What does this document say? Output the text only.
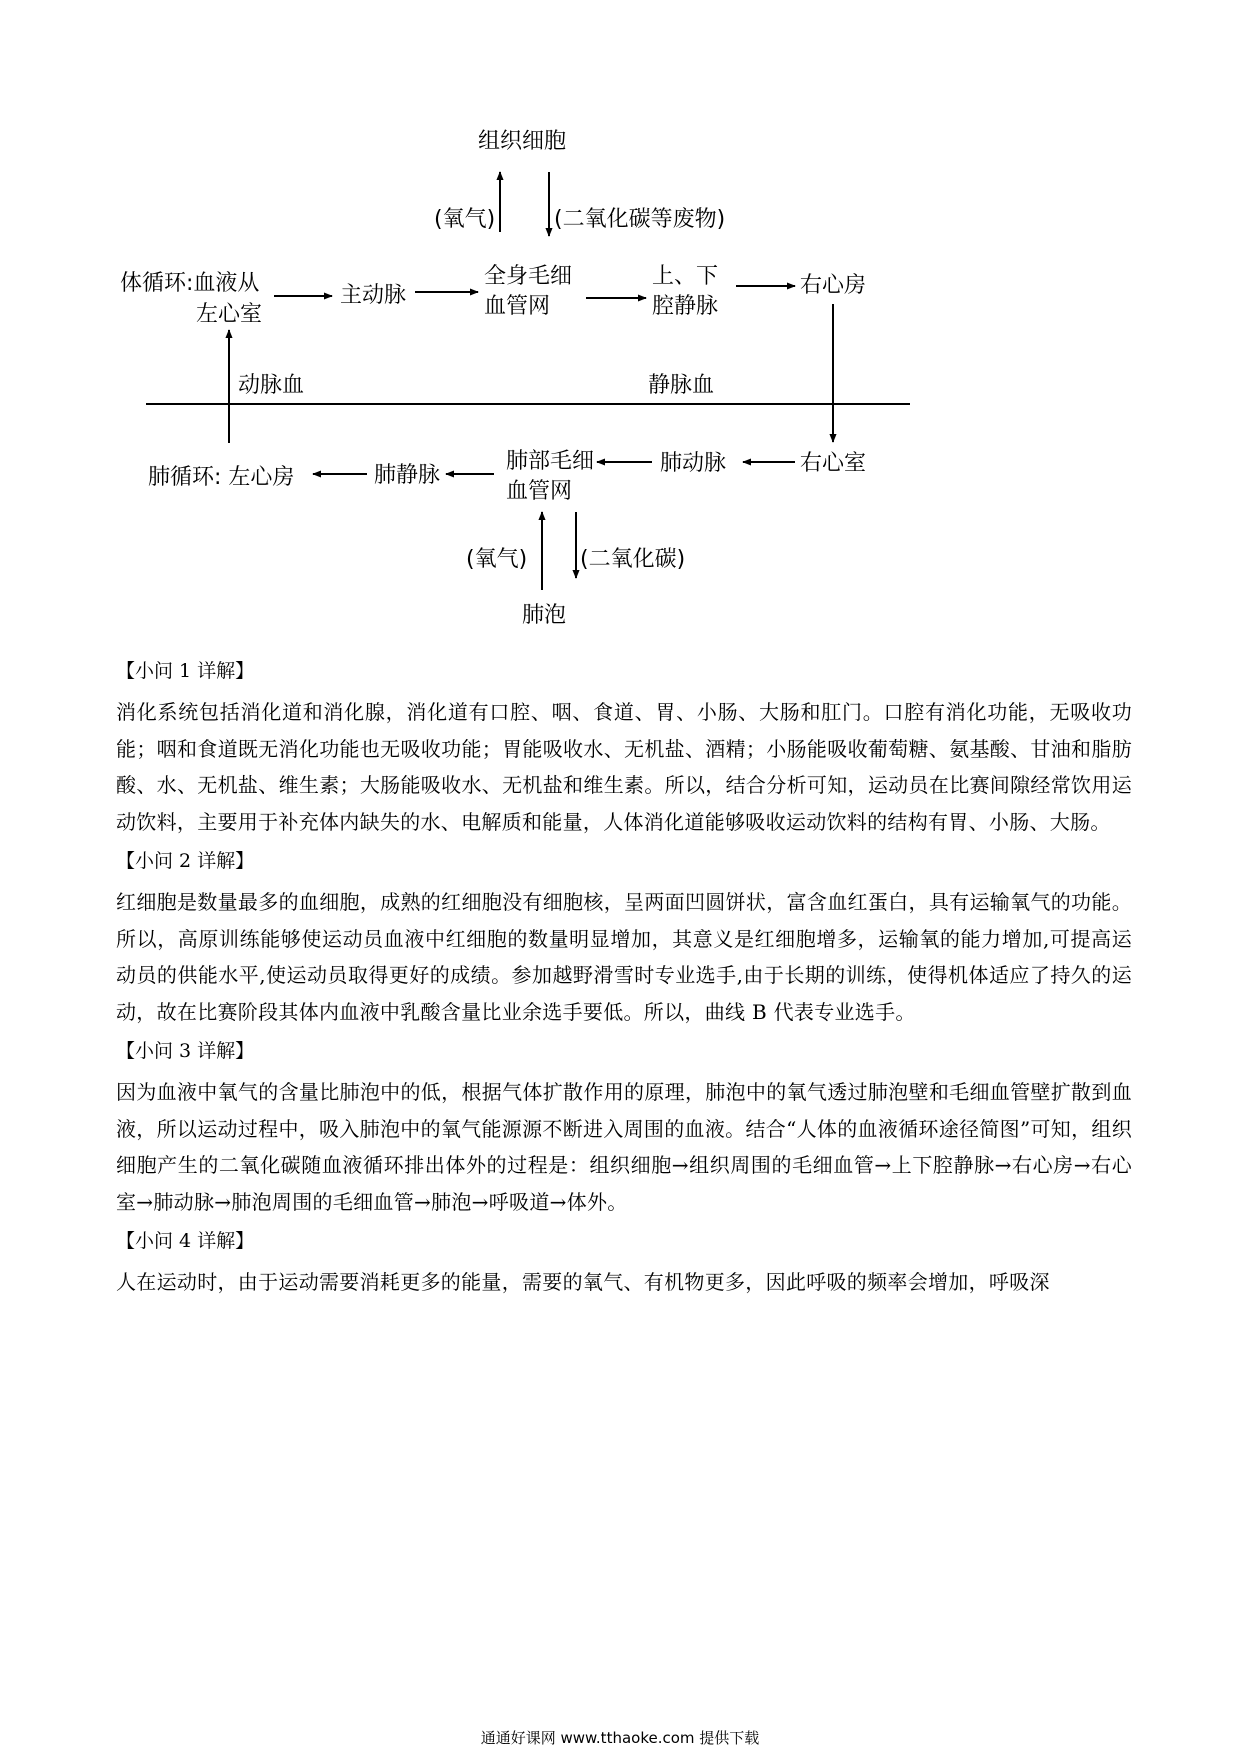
组织细胞
(氧气)	(二氧化碳等废物)
体循环:血液从
左心室
主动脉
全身毛细
血管网
上、下
腔静脉
右心房
动脉血	静脉血
右心室
肺动脉
肺部毛细
血管网
肺静脉
肺循环: 左心房
(氧气) (二氧化碳)
肺泡
【小问 1 详解】
消化系统包括消化道和消化腺，消化道有口腔、咽、食道、胃、小肠、大肠和肛门。口腔有消化功能，无吸收功能；咽和食道既无消化功能也无吸收功能；胃能吸收水、无机盐、酒精；小肠能吸收葡萄糖、氨基酸、甘油和脂肪酸、水、无机盐、维生素；大肠能吸收水、无机盐和维生素。所以，结合分析可知，运动员在比赛间隙经常饮用运动饮料，主要用于补充体内缺失的水、电解质和能量，人体消化道能够吸收运动饮料的结构有胃、小肠、大肠。
【小问 2 详解】
红细胞是数量最多的血细胞，成熟的红细胞没有细胞核，呈两面凹圆饼状，富含血红蛋白，具有运输氧气的功能。所以，高原训练能够使运动员血液中红细胞的数量明显增加，其意义是红细胞增多，运输氧的能力增加,可提高运动员的供能水平,使运动员取得更好的成绩。参加越野滑雪时专业选手,由于长期的训练，使得机体适应了持久的运动，故在比赛阶段其体内血液中乳酸含量比业余选手要低。所以，曲线 B 代表专业选手。
【小问 3 详解】
因为血液中氧气的含量比肺泡中的低，根据气体扩散作用的原理，肺泡中的氧气透过肺泡壁和毛细血管壁扩散到血液，所以运动过程中，吸入肺泡中的氧气能源源不断进入周围的血液。结合“人体的血液循环途径简图”可知，组织细胞产生的二氧化碳随血液循环排出体外的过程是：组织细胞→组织周围的毛细血管→上下腔静脉→右心房→右心室→肺动脉→肺泡周围的毛细血管→肺泡→呼吸道→体外。
【小问 4 详解】
人在运动时，由于运动需要消耗更多的能量，需要的氧气、有机物更多，因此呼吸的频率会增加，呼吸深
通通好课网 www.tthaoke.com 提供下载
